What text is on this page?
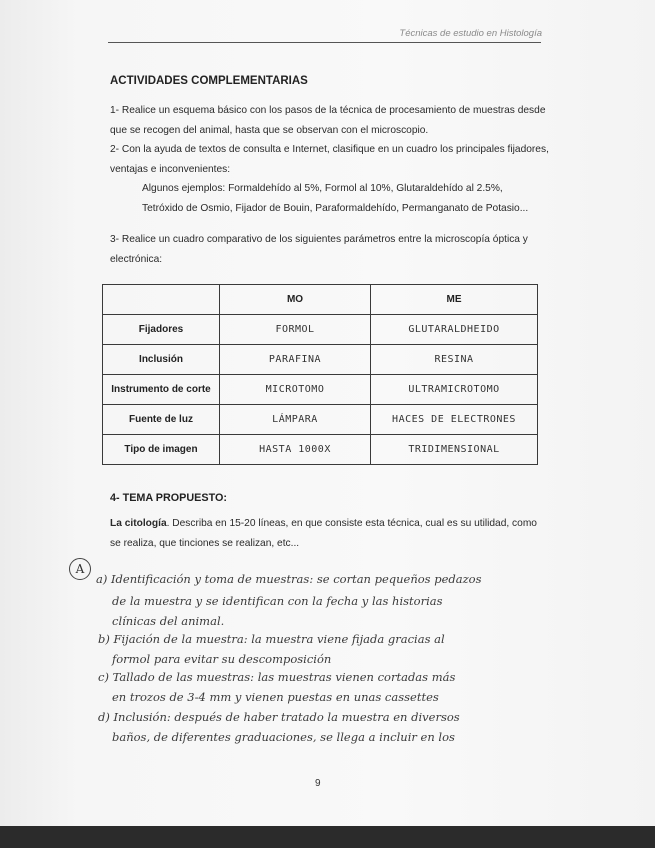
Técnicas de estudio en Histología
ACTIVIDADES COMPLEMENTARIAS
1- Realice un esquema básico con los pasos de la técnica de procesamiento de muestras desde
que se recogen del animal, hasta que se observan con el microscopio.
2- Con la ayuda de textos de consulta e Internet, clasifique en un cuadro los principales fijadores,
ventajas e inconvenientes:
Algunos ejemplos: Formaldehído al 5%, Formol al 10%, Glutaraldehído al 2.5%,
Tetróxido de Osmio, Fijador de Bouin, Paraformaldehído, Permanganato de Potasio...
3- Realice un cuadro comparativo de los siguientes parámetros entre la microscopía óptica y
electrónica:
	MO	ME
Fijadores	FORMOL	GLUTARALDHEIDO
Inclusión	PARAFINA	RESINA
Instrumento de corte	MICROTOMO	ULTRAMICROTOMO
Fuente de luz	LÁMPARA	HACES DE ELECTRONES
Tipo de imagen	HASTA 1000X	TRIDIMENSIONAL
4- TEMA PROPUESTO:
La citología. Describa en 15-20 líneas, en que consiste esta técnica, cual es su utilidad, como
se realiza, que tinciones se realizan, etc...
A
a) Identificación y toma de muestras: se cortan pequeños pedazos
de la muestra y se identifican con la fecha y las historias
clínicas del animal.
b) Fijación de la muestra: la muestra viene fijada gracias al
formol para evitar su descomposición
c) Tallado de las muestras: las muestras vienen cortadas más
en trozos de 3-4 mm y vienen puestas en unas cassettes
d) Inclusión: después de haber tratado la muestra en diversos
baños, de diferentes graduaciones, se llega a incluir en los
9
